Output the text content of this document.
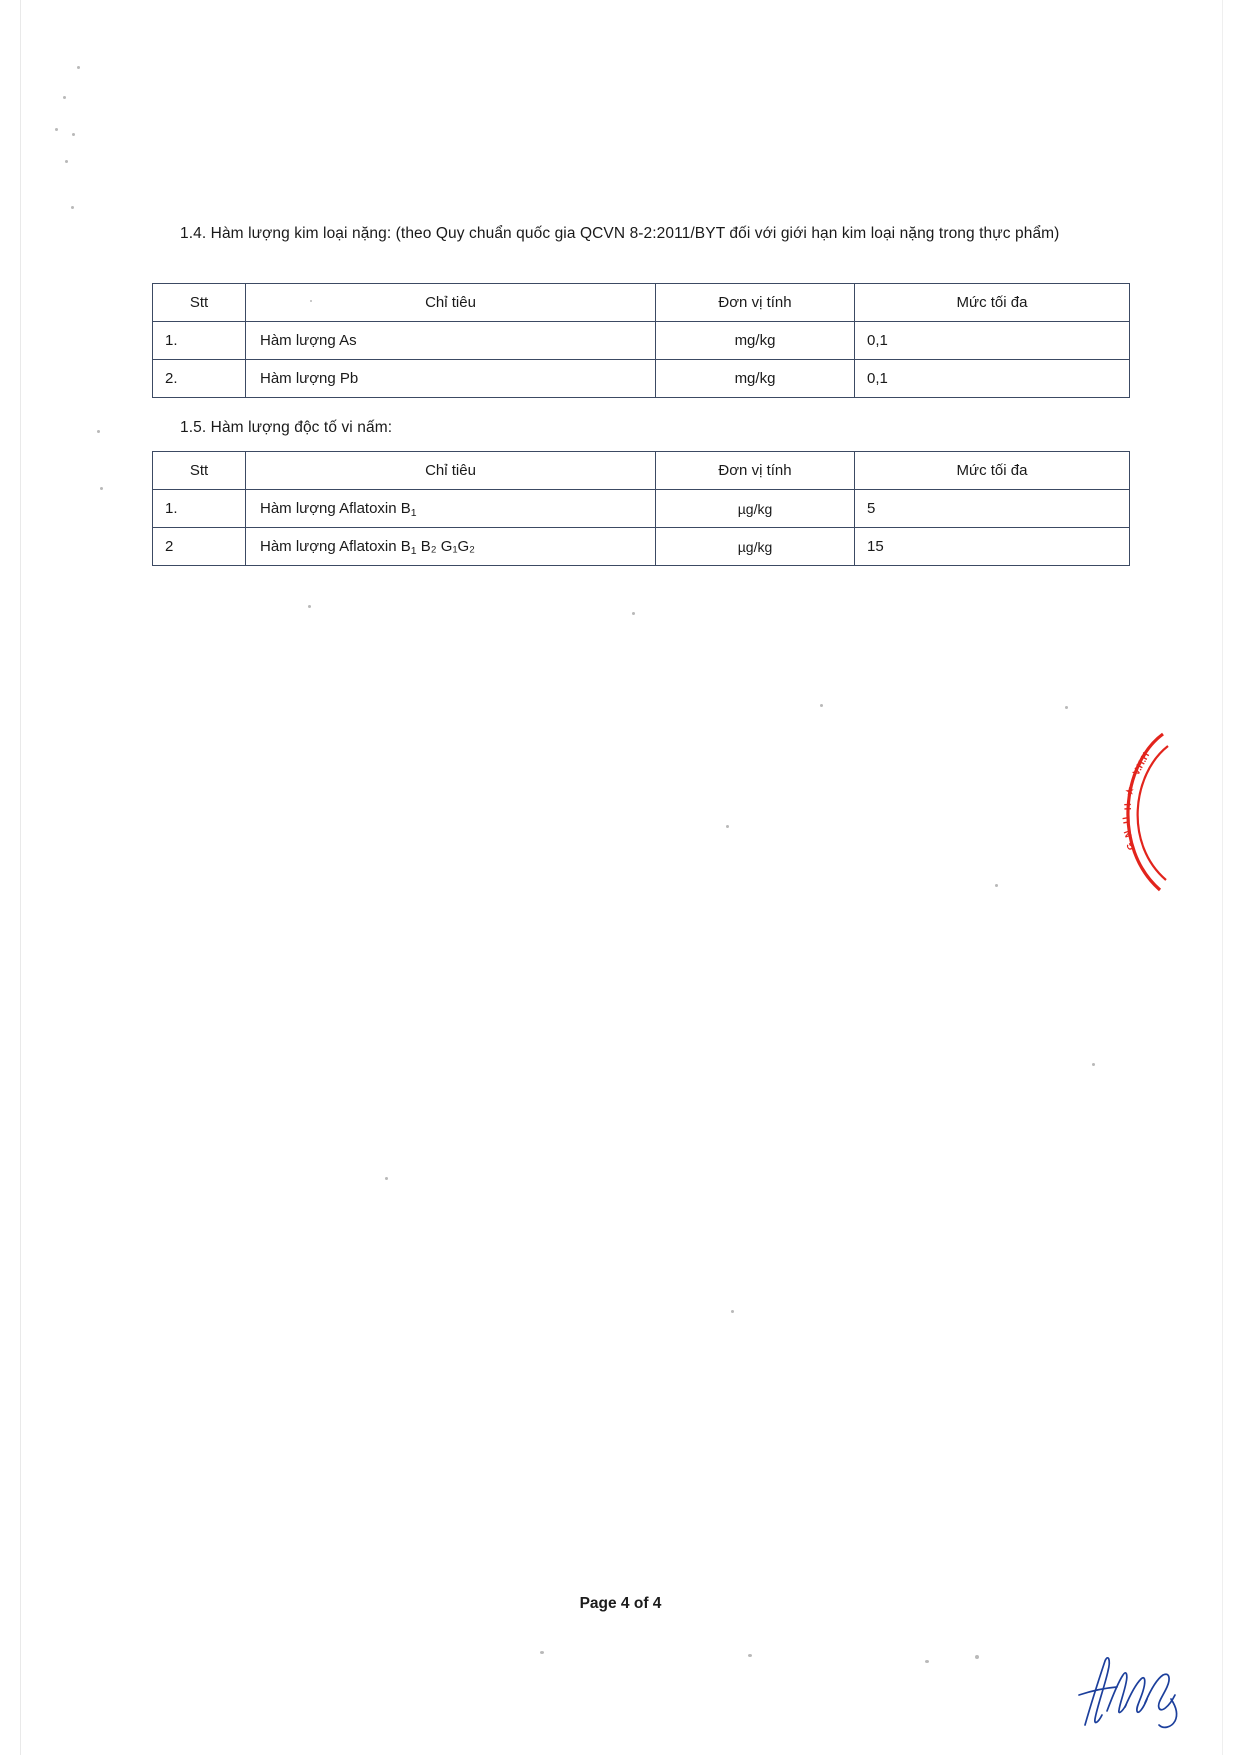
1.4. Hàm lượng kim loại nặng: (theo Quy chuẩn quốc gia QCVN 8-2:2011/BYT đối với giới hạn kim loại nặng trong thực phẩm)

Stt	Chỉ tiêu	Đơn vị tính	Mức tối đa
1.	Hàm lượng As	mg/kg	0,1
2.	Hàm lượng Pb	mg/kg	0,1

1.5. Hàm lượng độc tố vi nấm:

Stt	Chỉ tiêu	Đơn vị tính	Mức tối đa
1.	Hàm lượng Aflatoxin $B_1$	µg/kg	5
2	Hàm lượng Aflatoxin $B_1$ B₂ G₁G₂	µg/kg	15
V.H.H
★
H
U
N
G
Page 4 of 4
